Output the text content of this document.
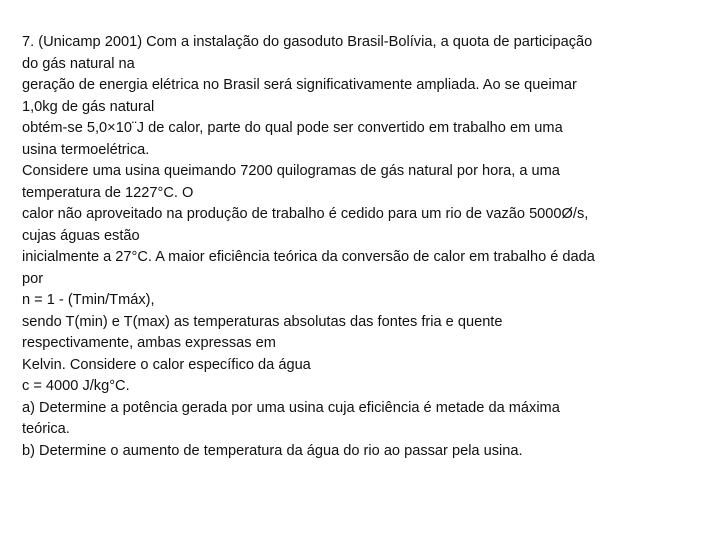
7. (Unicamp 2001) Com a instalação do gasoduto Brasil-Bolívia, a quota de participação
do gás natural na
geração de energia elétrica no Brasil será significativamente ampliada. Ao se queimar
1,0kg de gás natural
obtém-se 5,0×10¨J de calor, parte do qual pode ser convertido em trabalho em uma
usina termoelétrica.
Considere uma usina queimando 7200 quilogramas de gás natural por hora, a uma
temperatura de 1227°C. O
calor não aproveitado na produção de trabalho é cedido para um rio de vazão 5000Ø/s,
cujas águas estão
inicialmente a 27°C. A maior eficiência teórica da conversão de calor em trabalho é dada
por
n = 1 - (Tmin/Tmáx),
sendo T(min) e T(max) as temperaturas absolutas das fontes fria e quente
respectivamente, ambas expressas em
Kelvin. Considere o calor específico da água
c = 4000 J/kg°C.
a) Determine a potência gerada por uma usina cuja eficiência é metade da máxima
teórica.
b) Determine o aumento de temperatura da água do rio ao passar pela usina.
